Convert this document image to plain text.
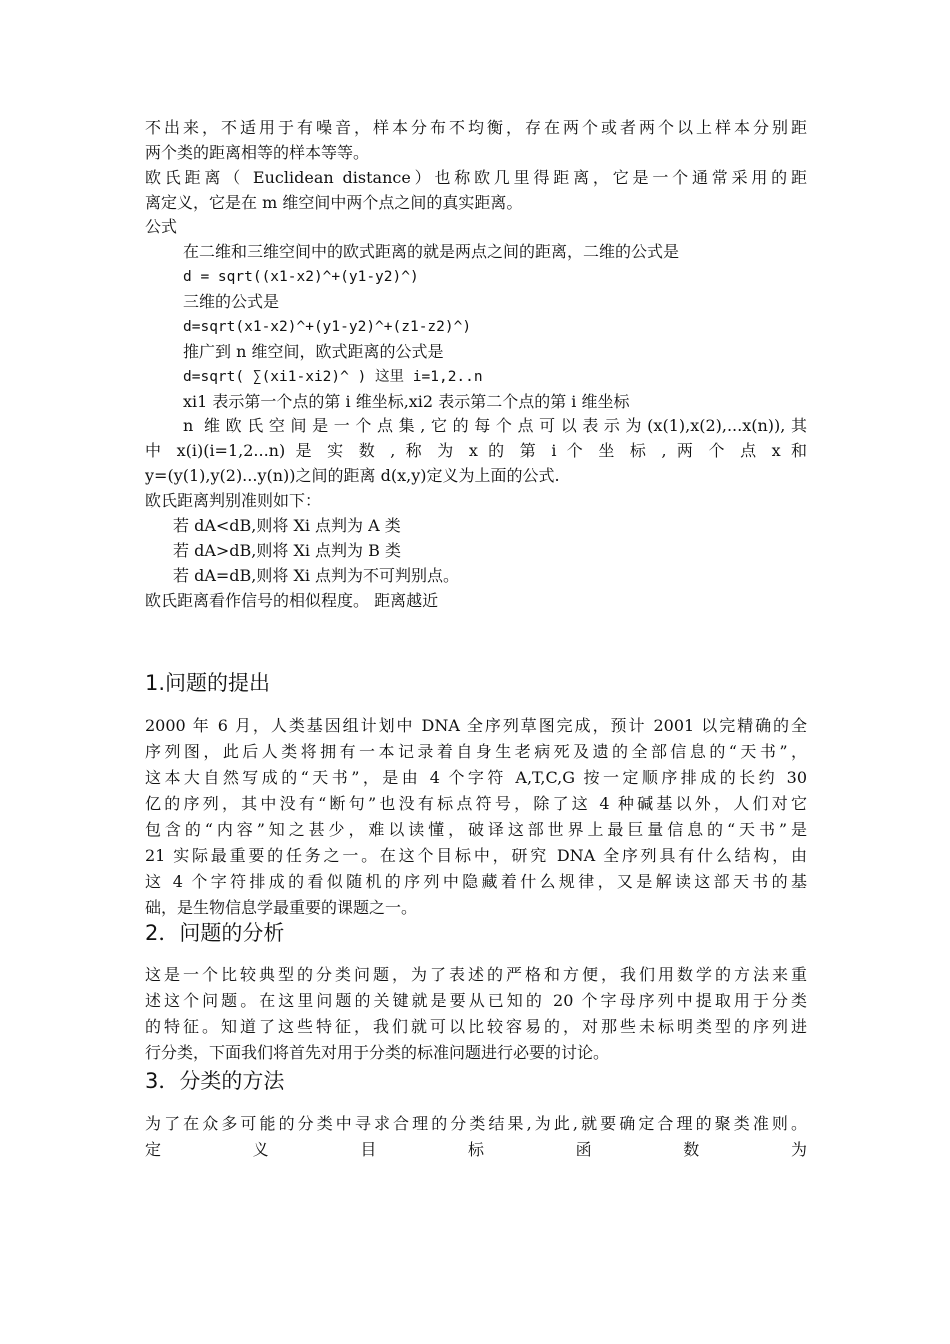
不出来，不适用于有噪音，样本分布不均衡，存在两个或者两个以上样本分别距
两个类的距离相等的样本等等。
欧氏距离（ Euclidean distance）也称欧几里得距离，它是一个通常采用的距
离定义，它是在 m 维空间中两个点之间的真实距离。
公式
在二维和三维空间中的欧式距离的就是两点之间的距离，二维的公式是
d = sqrt((x1-x2)^+(y1-y2)^)
三维的公式是
d=sqrt(x1-x2)^+(y1-y2)^+(z1-z2)^)
推广到 n 维空间，欧式距离的公式是
d=sqrt( ∑(xi1-xi2)^ ) 这里 i=1,2..n
xi1 表示第一个点的第 i 维坐标,xi2 表示第二个点的第 i 维坐标
n 维欧氏空间是一个点集,它的每个点可以表示为(x(1),x(2),...x(n)),其
中 x(i)(i=1,2...n) 是 实 数 , 称 为 x 的 第 i 个 坐 标 , 两 个 点 x 和
y=(y(1),y(2)...y(n))之间的距离 d(x,y)定义为上面的公式.
欧氏距离判别准则如下：
若 dA<dB,则将 Xi 点判为 A 类
若 dA>dB,则将 Xi 点判为 B 类
若 dA=dB,则将 Xi 点判为不可判别点。
欧氏距离看作信号的相似程度。 距离越近
1.问题的提出
2000 年 6 月，人类基因组计划中 DNA 全序列草图完成，预计 2001 以完精确的全
序列图，此后人类将拥有一本记录着自身生老病死及遗的全部信息的“天书”，
这本大自然写成的“天书”，是由 4 个字符 A,T,C,G 按一定顺序排成的长约 30
亿的序列，其中没有“断句”也没有标点符号，除了这 4 种碱基以外，人们对它
包含的“内容”知之甚少，难以读懂，破译这部世界上最巨量信息的“天书”是
21 实际最重要的任务之一。在这个目标中，研究 DNA 全序列具有什么结构，由
这 4 个字符排成的看似随机的序列中隐藏着什么规律，又是解读这部天书的基
础，是生物信息学最重要的课题之一。
2．问题的分析
这是一个比较典型的分类问题，为了表述的严格和方便，我们用数学的方法来重
述这个问题。在这里问题的关键就是要从已知的 20 个字母序列中提取用于分类
的特征。知道了这些特征，我们就可以比较容易的，对那些未标明类型的序列进
行分类，下面我们将首先对用于分类的标准问题进行必要的讨论。
3．分类的方法
为了在众多可能的分类中寻求合理的分类结果,为此,就要确定合理的聚类准则。
定	义	目	标	函	数	为
